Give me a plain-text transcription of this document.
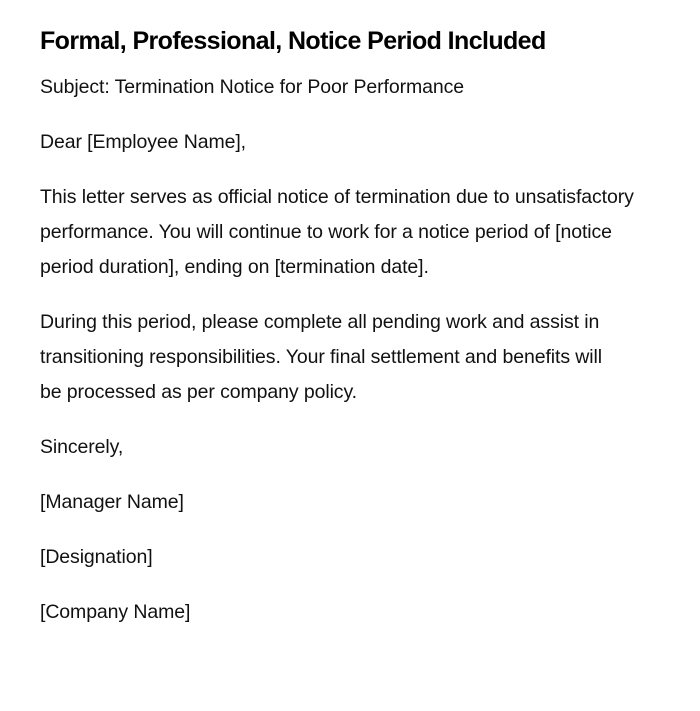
Formal, Professional, Notice Period Included

Subject: Termination Notice for Poor Performance

Dear [Employee Name],

This letter serves as official notice of termination due to unsatisfactory performance. You will continue to work for a notice period of [notice period duration], ending on [termination date].

During this period, please complete all pending work and assist in transitioning responsibilities. Your final settlement and benefits will be processed as per company policy.

Sincerely,

[Manager Name]

[Designation]

[Company Name]
